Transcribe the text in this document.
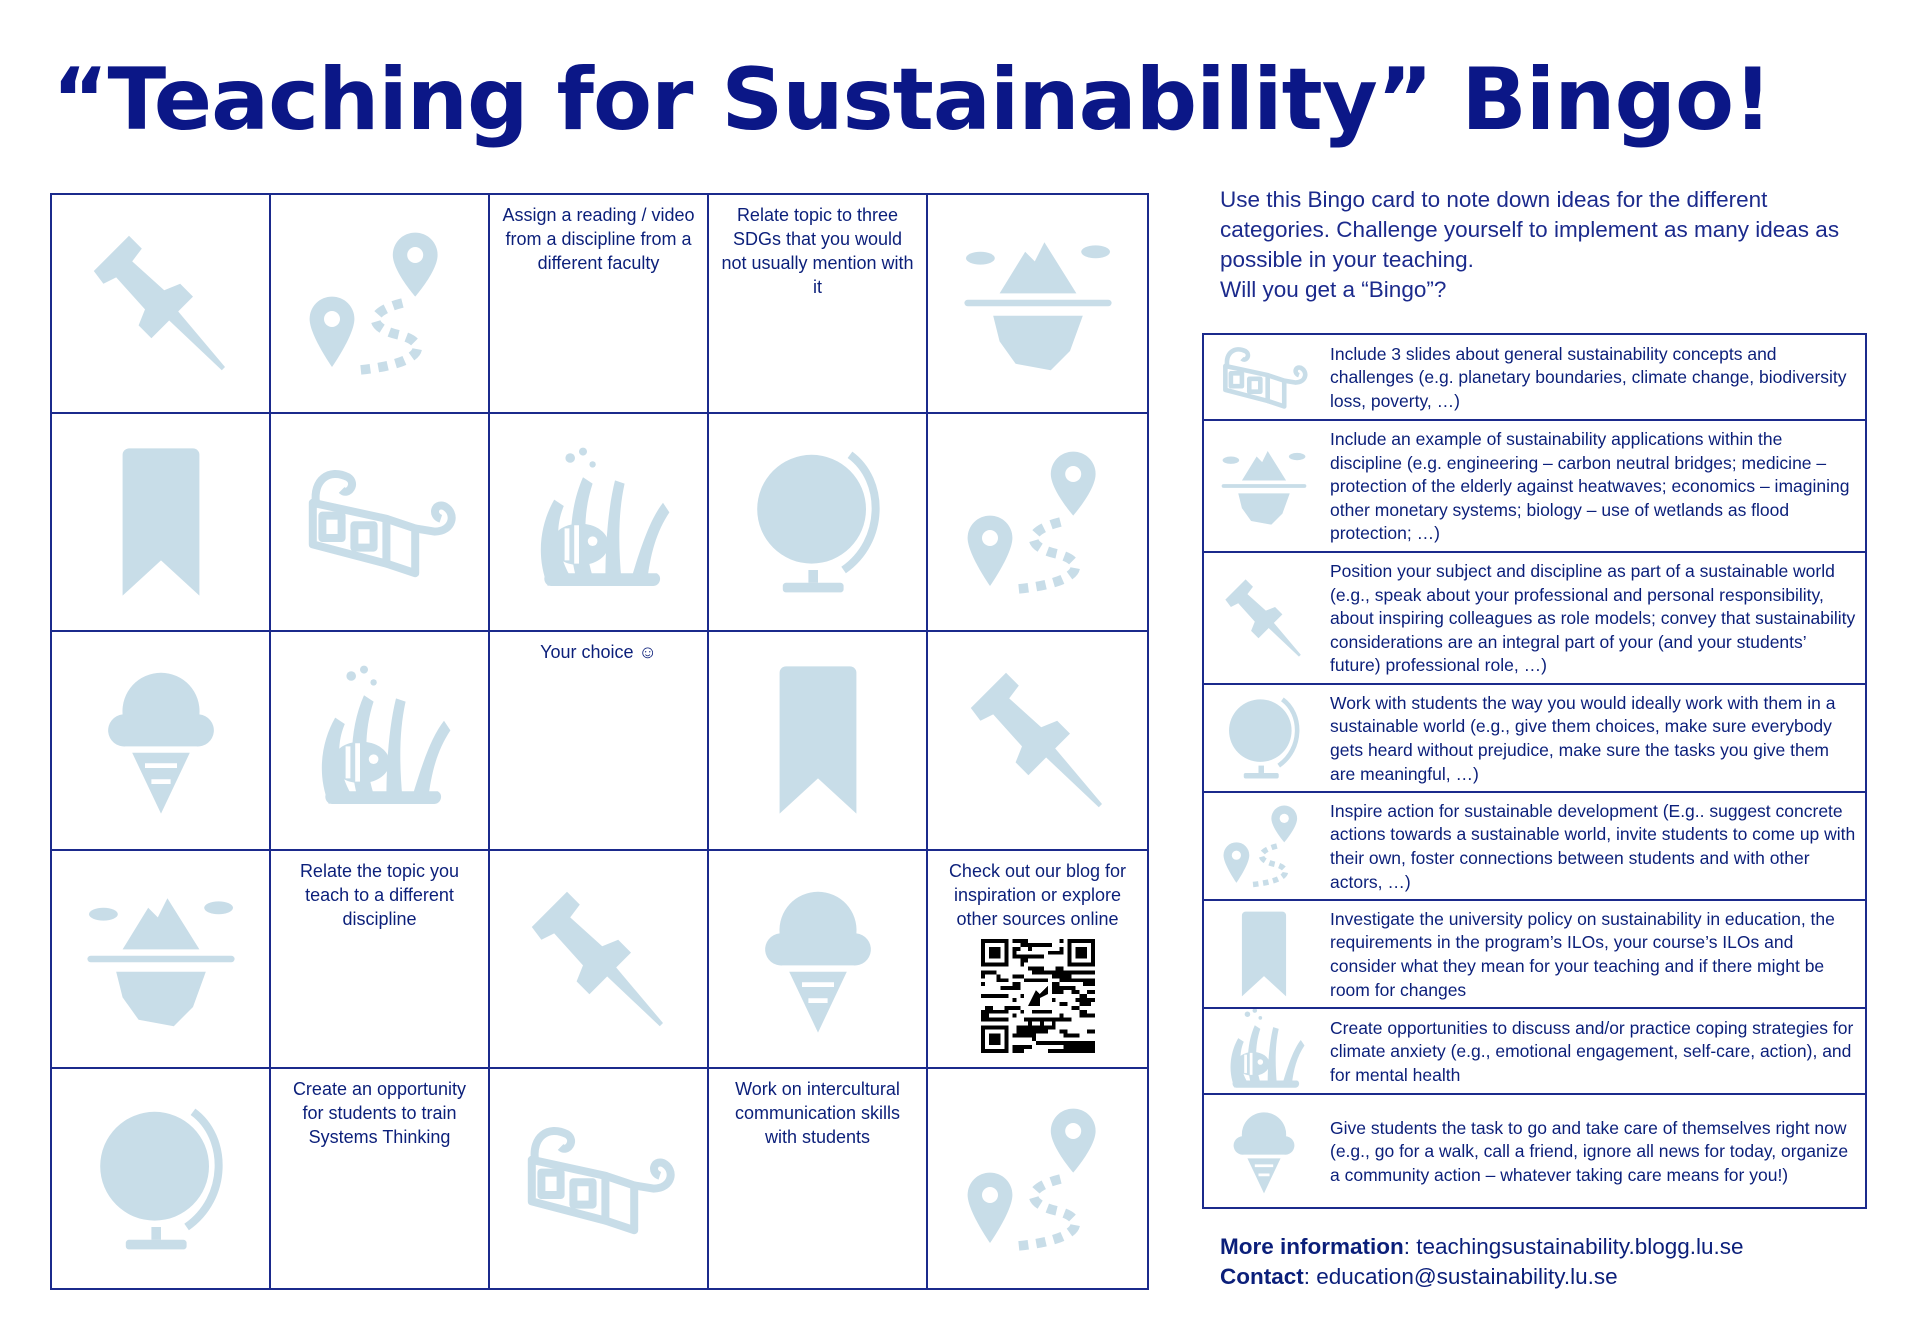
“Teaching for Sustainability” Bingo!
Assign a reading / video from a discipline from a different faculty
Relate topic to three SDGs that you would not usually mention with it
Your choice ☺
Relate the topic you teach to a different discipline
Check out our blog for inspiration or explore other sources online
Create an opportunity for students to train Systems Thinking
Work on intercultural communication skills with students
Use this Bingo card to note down ideas for the different categories. Challenge yourself to implement as many ideas as possible in your teaching.
Will you get a “Bingo”?
Include 3 slides about general sustainability concepts and challenges (e.g. planetary boundaries, climate change, biodiversity loss, poverty, …)
Include an example of sustainability applications within the discipline (e.g. engineering – carbon neutral bridges; medicine – protection of the elderly against heatwaves; economics – imagining other monetary systems; biology – use of wetlands as flood protection; …)
Position your subject and discipline as part of a sustainable world (e.g., speak about your professional and personal responsibility, about inspiring colleagues as role models; convey that sustainability considerations are an integral part of your (and your students’ future) professional role, …)
Work with students the way you would ideally work with them in a sustainable world (e.g., give them choices, make sure everybody gets heard without prejudice, make sure the tasks you give them are meaningful, …)
Inspire action for sustainable development (E.g.. suggest concrete actions towards a sustainable world, invite students to come up with their own, foster connections between students and with other actors, …)
Investigate the university policy on sustainability in education, the requirements in the program’s ILOs, your course’s ILOs and consider what they mean for your teaching and if there might be room for changes
Create opportunities to discuss and/or practice coping strategies for climate anxiety (e.g., emotional engagement, self-care, action), and for mental health
Give students the task to go and take care of themselves right now (e.g., go for a walk, call a friend, ignore all news for today, organize a community action – whatever taking care means for you!)
More information: teachingsustainability.blogg.lu.se
Contact: education@sustainability.lu.se
